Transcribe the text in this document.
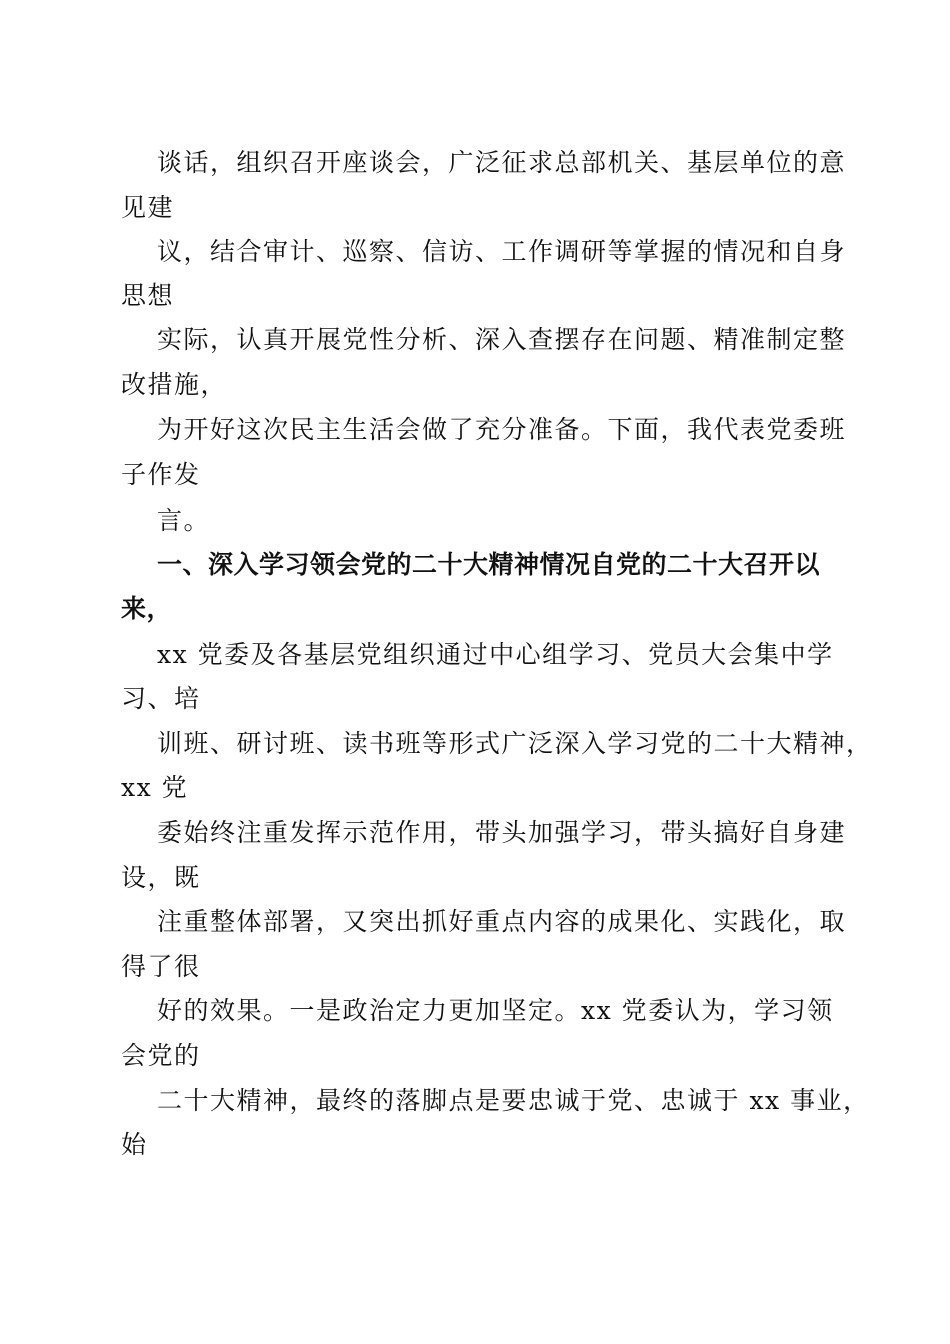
谈话，组织召开座谈会，广泛征求总部机关、基层单位的意
见建
议，结合审计、巡察、信访、工作调研等掌握的情况和自身
思想
实际，认真开展党性分析、深入查摆存在问题、精准制定整
改措施，
为开好这次民主生活会做了充分准备。下面，我代表党委班
子作发
言。
一、深入学习领会党的二十大精神情况自党的二十大召开以
来，
xx 党委及各基层党组织通过中心组学习、党员大会集中学
习、培
训班、研讨班、读书班等形式广泛深入学习党的二十大精神，
xx 党
委始终注重发挥示范作用，带头加强学习，带头搞好自身建
设，既
注重整体部署，又突出抓好重点内容的成果化、实践化，取
得了很
好的效果。一是政治定力更加坚定。xx 党委认为，学习领
会党的
二十大精神，最终的落脚点是要忠诚于党、忠诚于 xx 事业，
始
